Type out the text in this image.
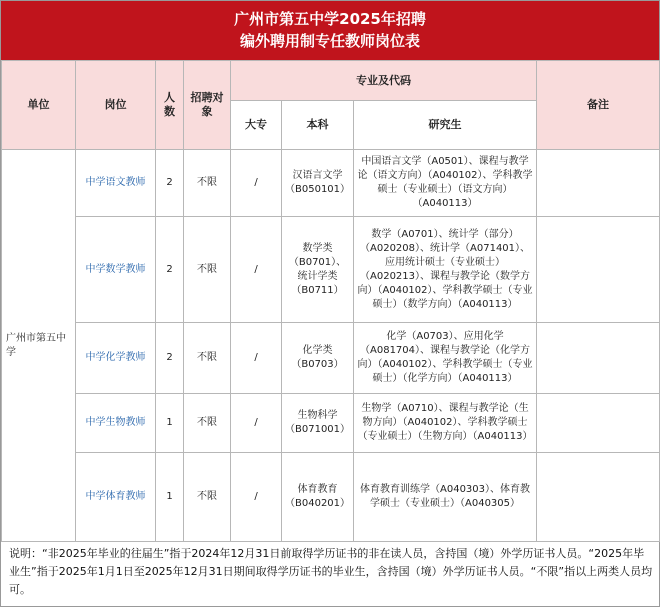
广州市第五中学2025年招聘
编外聘用制专任教师岗位表
单位	岗位	人数	招聘对象	专业及代码			备注
				大专	本科	研究生	
广州市第五中学	中学语文教师	2	不限	/	汉语言文学（B050101）	中国语言文学（A0501）、课程与教学论（语文方向）（A040102）、学科教学硕士（专业硕士）（语文方向）（A040113）	
	中学数学教师	2	不限	/	数学类（B0701）、统计学类（B0711）	数学（A0701）、统计学（部分）（A020208）、统计学（A071401）、应用统计硕士（专业硕士）（A020213）、课程与教学论（数学方向）（A040102）、学科教学硕士（专业硕士）（数学方向）（A040113）	
	中学化学教师	2	不限	/	化学类（B0703）	化学（A0703）、应用化学（A081704）、课程与教学论（化学方向）（A040102）、学科教学硕士（专业硕士）（化学方向）（A040113）	
	中学生物教师	1	不限	/	生物科学（B071001）	生物学（A0710）、课程与教学论（生物方向）（A040102）、学科教学硕士（专业硕士）（生物方向）（A040113）	
	中学体育教师	1	不限	/	体育教育（B040201）	体育教育训练学（A040303）、体育教学硕士（专业硕士）（A040305）	
说明：“非2025年毕业的往届生”指于2024年12月31日前取得学历证书的非在读人员，含持国（境）外学历证书人员。“2025年毕业生”指于2025年1月1日至2025年12月31日期间取得学历证书的毕业生，含持国（境）外学历证书人员。“不限”指以上两类人员均可。
